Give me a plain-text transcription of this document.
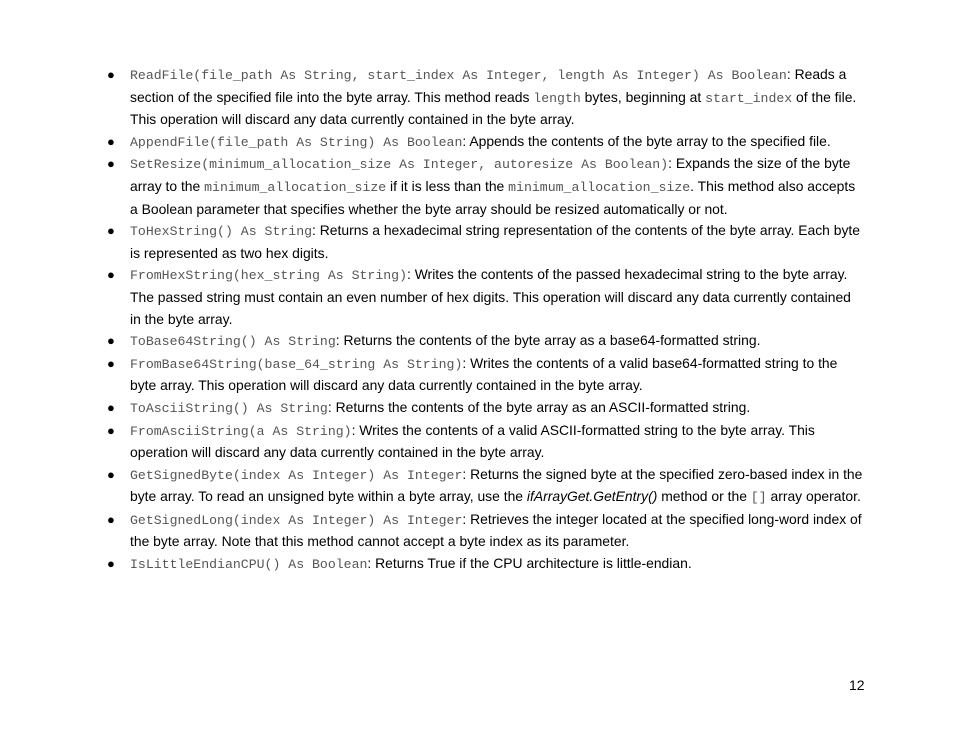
● ReadFile(file_path As String, start_index As Integer, length As Integer) As Boolean: Reads a section of the specified file into the byte array. This method reads length bytes, beginning at start_index of the file. This operation will discard any data currently contained in the byte array.
● AppendFile(file_path As String) As Boolean: Appends the contents of the byte array to the specified file.
● SetResize(minimum_allocation_size As Integer, autoresize As Boolean): Expands the size of the byte array to the minimum_allocation_size if it is less than the minimum_allocation_size. This method also accepts a Boolean parameter that specifies whether the byte array should be resized automatically or not.
● ToHexString() As String: Returns a hexadecimal string representation of the contents of the byte array. Each byte is represented as two hex digits.
● FromHexString(hex_string As String): Writes the contents of the passed hexadecimal string to the byte array. The passed string must contain an even number of hex digits. This operation will discard any data currently contained in the byte array.
● ToBase64String() As String: Returns the contents of the byte array as a base64-formatted string.
● FromBase64String(base_64_string As String): Writes the contents of a valid base64-formatted string to the byte array. This operation will discard any data currently contained in the byte array.
● ToAsciiString() As String: Returns the contents of the byte array as an ASCII-formatted string.
● FromAsciiString(a As String): Writes the contents of a valid ASCII-formatted string to the byte array. This operation will discard any data currently contained in the byte array.
● GetSignedByte(index As Integer) As Integer: Returns the signed byte at the specified zero-based index in the byte array. To read an unsigned byte within a byte array, use the ifArrayGet.GetEntry() method or the [] array operator.
● GetSignedLong(index As Integer) As Integer: Retrieves the integer located at the specified long-word index of the byte array. Note that this method cannot accept a byte index as its parameter.
● IsLittleEndianCPU() As Boolean: Returns True if the CPU architecture is little-endian.
12
